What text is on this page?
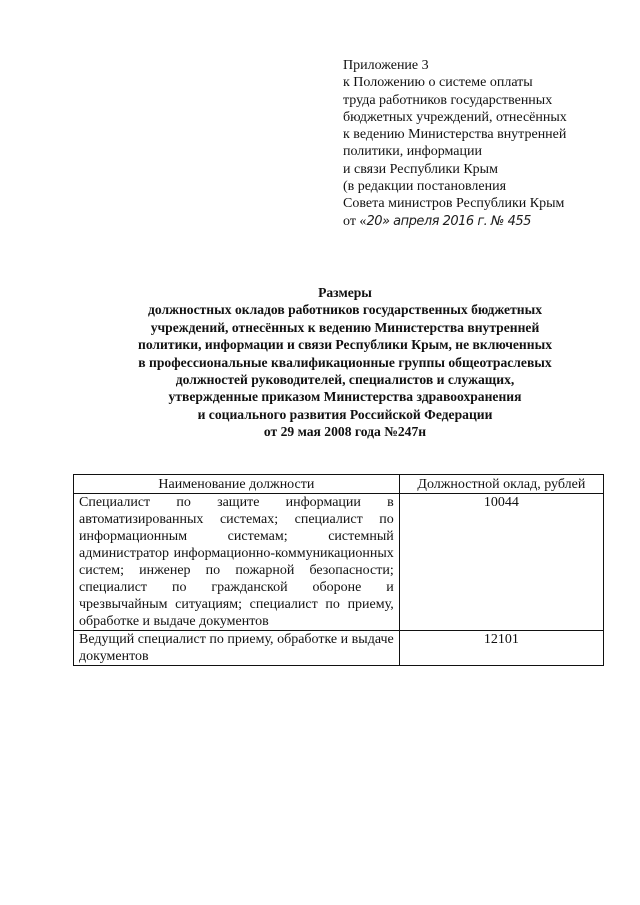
Приложение 3
к Положению о системе оплаты
труда работников государственных
бюджетных учреждений, отнесённых
к ведению Министерства внутренней
политики, информации
и связи Республики Крым
(в редакции постановления
Совета министров Республики Крым
от «20» апреля 2016 г. № 455
Размеры
должностных окладов работников государственных бюджетных
учреждений, отнесённых к ведению Министерства внутренней
политики, информации и связи Республики Крым, не включенных
в профессиональные квалификационные группы общеотраслевых
должностей руководителей, специалистов и служащих,
утвержденные приказом Министерства здравоохранения
и социального развития Российской Федерации
от 29 мая 2008 года №247н
Наименование должности	Должностной оклад, рублей
Специалист по защите информации в автоматизированных системах; специалист по информационным системам; системный администратор информационно-коммуникационных систем; инженер по пожарной безопасности; специалист по гражданской обороне и чрезвычайным ситуациям; специалист по приему, обработке и выдаче документов	10044
Ведущий специалист по приему, обработке и выдаче документов	12101
